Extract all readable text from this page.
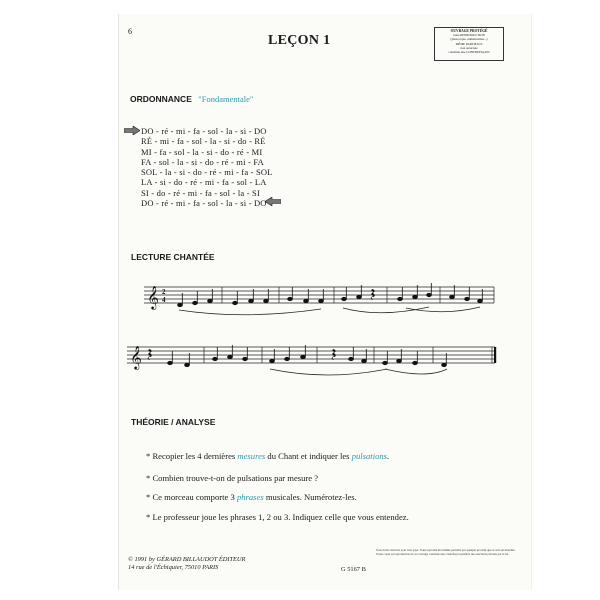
6
LEÇON 1
OUVRAGE PROTÉGÉ
toute REPRODUCTION
(photocopie, numérisation...)
MÊME PARTIELLE
non autorisée
constitue une CONTREFAÇON
ORDONNANCE "Fondamentale"
DO - ré - mi - fa - sol - la - si - DO
RÉ - mi - fa - sol - la - si - do - RÉ
MI - fa - sol - la - si - do - ré - MI
FA - sol - la - si - do - ré - mi - FA
SOL - la - si - do - ré - mi - fa - SOL
LA - si - do - ré - mi - fa - sol - LA
SI - do - ré - mi - fa - sol - la - SI
DO - ré - mi - fa - sol - la - si - DO
LECTURE CHANTÉE
𝄞 2
4
𝄞
THÉORIE / ANALYSE
* Recopier les 4 dernières mesures du Chant et indiquer les pulsations.
* Combien trouve-t-on de pulsations par mesure ?
* Ce morceau comporte 3 phrases musicales. Numérotez-les.
* Le professeur joue les phrases 1, 2 ou 3. Indiquez celle que vous entendez.
© 1991 by GÉRARD BILLAUDOT ÉDITEUR
14 rue de l'Échiquier, 75010 PARIS	G 5167 B
Tous droits réservés pour tous pays. Toute reproduction même partielle par quelque procédé que ce soit est interdite. Toute copie ou reproduction de cet ouvrage constitue une contrefaçon passible des sanctions prévues par la loi.
